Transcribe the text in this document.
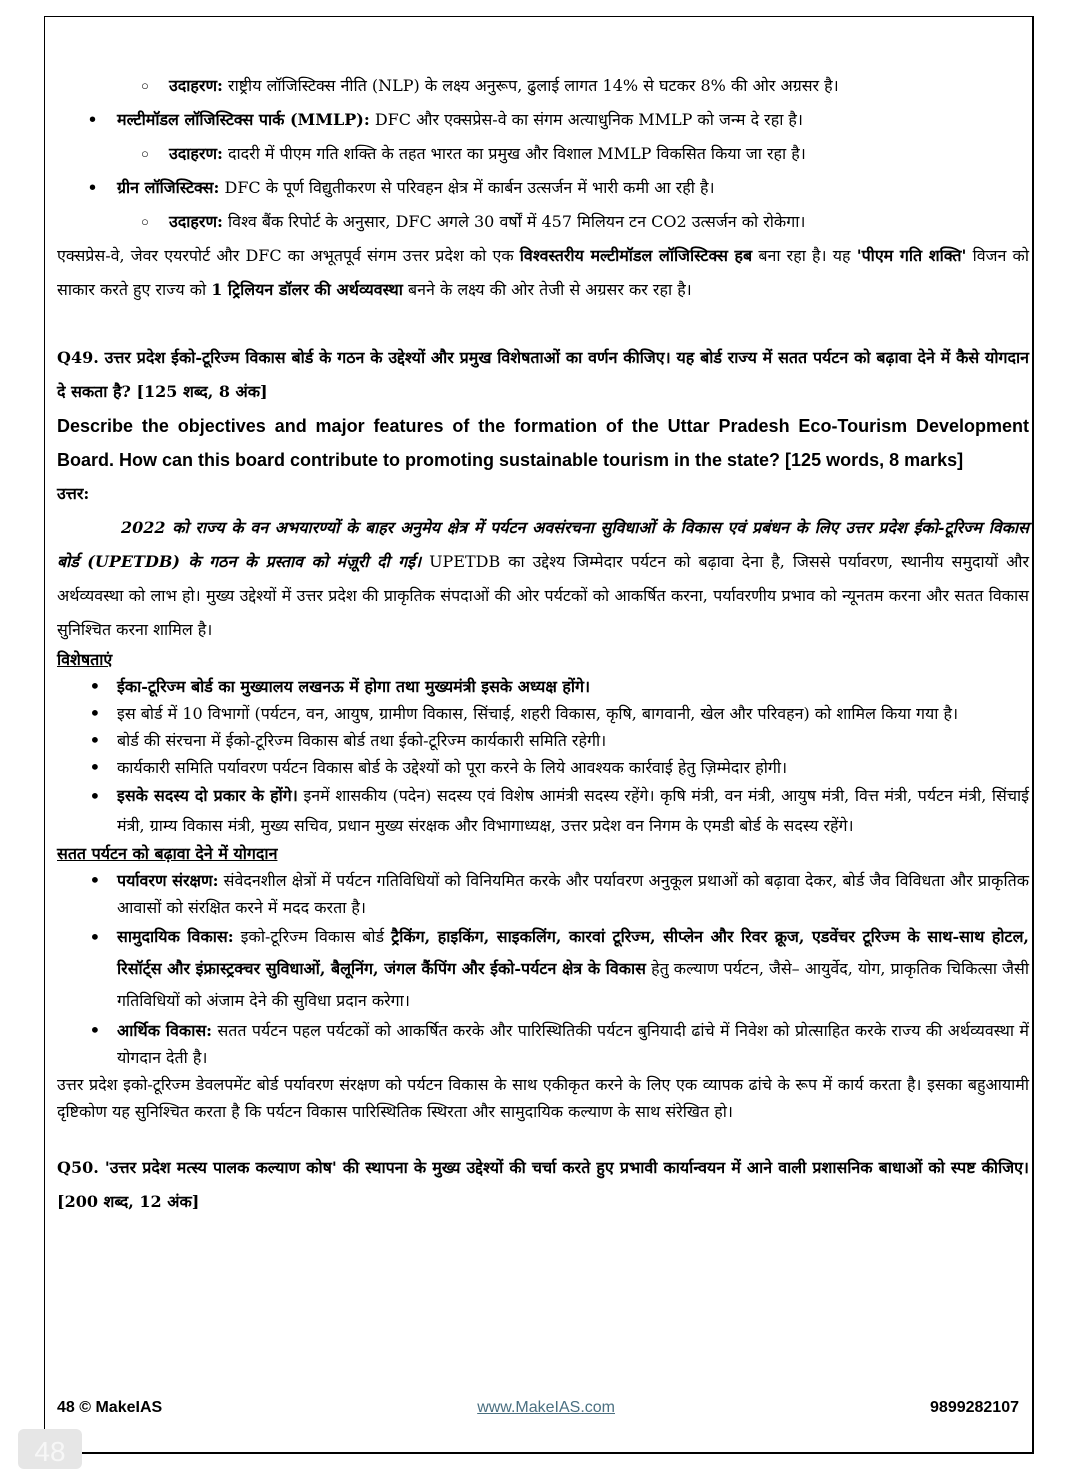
○ उदाहरण: राष्ट्रीय लॉजिस्टिक्स नीति (NLP) के लक्ष्य अनुरूप, ढुलाई लागत 14% से घटकर 8% की ओर अग्रसर है।

• मल्टीमॉडल लॉजिस्टिक्स पार्क (MMLP): DFC और एक्सप्रेस-वे का संगम अत्याधुनिक MMLP को जन्म दे रहा है।

○ उदाहरण: दादरी में पीएम गति शक्ति के तहत भारत का प्रमुख और विशाल MMLP विकसित किया जा रहा है।

• ग्रीन लॉजिस्टिक्स: DFC के पूर्ण विद्युतीकरण से परिवहन क्षेत्र में कार्बन उत्सर्जन में भारी कमी आ रही है।

○ उदाहरण: विश्व बैंक रिपोर्ट के अनुसार, DFC अगले 30 वर्षों में 457 मिलियन टन CO2 उत्सर्जन को रोकेगा।

एक्सप्रेस-वे, जेवर एयरपोर्ट और DFC का अभूतपूर्व संगम उत्तर प्रदेश को एक विश्वस्तरीय मल्टीमॉडल लॉजिस्टिक्स हब बना रहा है। यह 'पीएम गति शक्ति' विजन को साकार करते हुए राज्य को 1 ट्रिलियन डॉलर की अर्थव्यवस्था बनने के लक्ष्य की ओर तेजी से अग्रसर कर रहा है।

Q49. उत्तर प्रदेश ईको-टूरिज्म विकास बोर्ड के गठन के उद्देश्यों और प्रमुख विशेषताओं का वर्णन कीजिए। यह बोर्ड राज्य में सतत पर्यटन को बढ़ावा देने में कैसे योगदान दे सकता है? [125 शब्द, 8 अंक]

Describe the objectives and major features of the formation of the Uttar Pradesh Eco-Tourism Development Board. How can this board contribute to promoting sustainable tourism in the state? [125 words, 8 marks]

उत्तर:

2022 को राज्य के वन अभयारण्यों के बाहर अनुमेय क्षेत्र में पर्यटन अवसंरचना सुविधाओं के विकास एवं प्रबंधन के लिए उत्तर प्रदेश ईको-टूरिज्म विकास बोर्ड (UPETDB) के गठन के प्रस्ताव को मंज़ूरी दी गई। UPETDB का उद्देश्य जिम्मेदार पर्यटन को बढ़ावा देना है, जिससे पर्यावरण, स्थानीय समुदायों और अर्थव्यवस्था को लाभ हो। मुख्य उद्देश्यों में उत्तर प्रदेश की प्राकृतिक संपदाओं की ओर पर्यटकों को आकर्षित करना, पर्यावरणीय प्रभाव को न्यूनतम करना और सतत विकास सुनिश्चित करना शामिल है।

विशेषताएं

• ईका-टूरिज्म बोर्ड का मुख्यालय लखनऊ में होगा तथा मुख्यमंत्री इसके अध्यक्ष होंगे।

• इस बोर्ड में 10 विभागों (पर्यटन, वन, आयुष, ग्रामीण विकास, सिंचाई, शहरी विकास, कृषि, बागवानी, खेल और परिवहन) को शामिल किया गया है।

• बोर्ड की संरचना में ईको-टूरिज्म विकास बोर्ड तथा ईको-टूरिज्म कार्यकारी समिति रहेगी।

• कार्यकारी समिति पर्यावरण पर्यटन विकास बोर्ड के उद्देश्यों को पूरा करने के लिये आवश्यक कार्रवाई हेतु ज़िम्मेदार होगी।

• इसके सदस्य दो प्रकार के होंगे। इनमें शासकीय (पदेन) सदस्य एवं विशेष आमंत्री सदस्य रहेंगे। कृषि मंत्री, वन मंत्री, आयुष मंत्री, वित्त मंत्री, पर्यटन मंत्री, सिंचाई मंत्री, ग्राम्य विकास मंत्री, मुख्य सचिव, प्रधान मुख्य संरक्षक और विभागाध्यक्ष, उत्तर प्रदेश वन निगम के एमडी बोर्ड के सदस्य रहेंगे।

सतत पर्यटन को बढ़ावा देने में योगदान

• पर्यावरण संरक्षण: संवेदनशील क्षेत्रों में पर्यटन गतिविधियों को विनियमित करके और पर्यावरण अनुकूल प्रथाओं को बढ़ावा देकर, बोर्ड जैव विविधता और प्राकृतिक आवासों को संरक्षित करने में मदद करता है।

• सामुदायिक विकास: इको-टूरिज्म विकास बोर्ड ट्रैकिंग, हाइकिंग, साइकलिंग, कारवां टूरिज्म, सीप्लेन और रिवर क्रूज, एडवेंचर टूरिज्म के साथ-साथ होटल, रिसॉर्ट्स और इंफ्रास्ट्रक्चर सुविधाओं, बैलूनिंग, जंगल कैंपिंग और ईको-पर्यटन क्षेत्र के विकास हेतु कल्याण पर्यटन, जैसे– आयुर्वेद, योग, प्राकृतिक चिकित्सा जैसी गतिविधियों को अंजाम देने की सुविधा प्रदान करेगा।

• आर्थिक विकास: सतत पर्यटन पहल पर्यटकों को आकर्षित करके और पारिस्थितिकी पर्यटन बुनियादी ढांचे में निवेश को प्रोत्साहित करके राज्य की अर्थव्यवस्था में योगदान देती है।

उत्तर प्रदेश इको-टूरिज्म डेवलपमेंट बोर्ड पर्यावरण संरक्षण को पर्यटन विकास के साथ एकीकृत करने के लिए एक व्यापक ढांचे के रूप में कार्य करता है। इसका बहुआयामी दृष्टिकोण यह सुनिश्चित करता है कि पर्यटन विकास पारिस्थितिक स्थिरता और सामुदायिक कल्याण के साथ संरेखित हो।

Q50. 'उत्तर प्रदेश मत्स्य पालक कल्याण कोष' की स्थापना के मुख्य उद्देश्यों की चर्चा करते हुए प्रभावी कार्यान्वयन में आने वाली प्रशासनिक बाधाओं को स्पष्ट कीजिए। [200 शब्द, 12 अंक]

48 © MakeIAS	www.MakeIAS.com	9899282107
48
